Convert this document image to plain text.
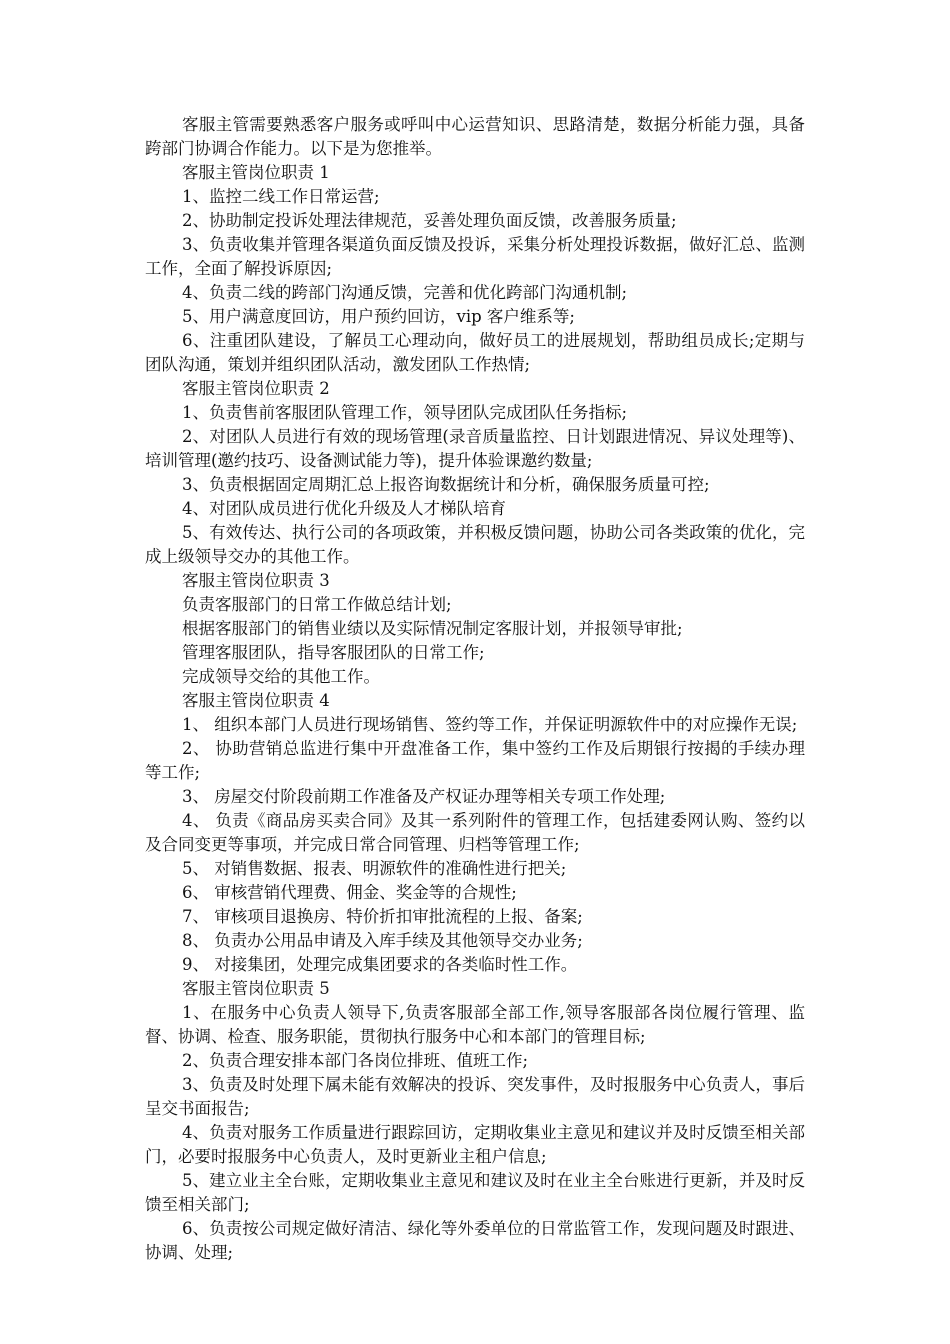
客服主管需要熟悉客户服务或呼叫中心运营知识、思路清楚，数据分析能力强，具备跨部门协调合作能力。以下是为您推举。

客服主管岗位职责 1

1、监控二线工作日常运营;

2、协助制定投诉处理法律规范，妥善处理负面反馈，改善服务质量;

3、负责收集并管理各渠道负面反馈及投诉，采集分析处理投诉数据，做好汇总、监测工作，全面了解投诉原因;

4、负责二线的跨部门沟通反馈，完善和优化跨部门沟通机制;

5、用户满意度回访，用户预约回访，vip 客户维系等;

6、注重团队建设，了解员工心理动向，做好员工的进展规划，帮助组员成长;定期与团队沟通，策划并组织团队活动，激发团队工作热情;

客服主管岗位职责 2

1、负责售前客服团队管理工作，领导团队完成团队任务指标;

2、对团队人员进行有效的现场管理(录音质量监控、日计划跟进情况、异议处理等)、培训管理(邀约技巧、设备测试能力等)，提升体验课邀约数量;

3、负责根据固定周期汇总上报咨询数据统计和分析，确保服务质量可控;

4、对团队成员进行优化升级及人才梯队培育

5、有效传达、执行公司的各项政策，并积极反馈问题，协助公司各类政策的优化，完成上级领导交办的其他工作。

客服主管岗位职责 3

负责客服部门的日常工作做总结计划;

根据客服部门的销售业绩以及实际情况制定客服计划，并报领导审批;

管理客服团队，指导客服团队的日常工作;

完成领导交给的其他工作。

客服主管岗位职责 4

1、 组织本部门人员进行现场销售、签约等工作，并保证明源软件中的对应操作无误;

2、 协助营销总监进行集中开盘准备工作，集中签约工作及后期银行按揭的手续办理等工作;

3、 房屋交付阶段前期工作准备及产权证办理等相关专项工作处理;

4、 负责《商品房买卖合同》及其一系列附件的管理工作，包括建委网认购、签约以及合同变更等事项，并完成日常合同管理、归档等管理工作;

5、 对销售数据、报表、明源软件的准确性进行把关;

6、 审核营销代理费、佣金、奖金等的合规性;

7、 审核项目退换房、特价折扣审批流程的上报、备案;

8、 负责办公用品申请及入库手续及其他领导交办业务;

9、 对接集团，处理完成集团要求的各类临时性工作。

客服主管岗位职责 5

1、在服务中心负责人领导下,负责客服部全部工作,领导客服部各岗位履行管理、监督、协调、检查、服务职能，贯彻执行服务中心和本部门的管理目标;

2、负责合理安排本部门各岗位排班、值班工作;

3、负责及时处理下属未能有效解决的投诉、突发事件，及时报服务中心负责人，事后呈交书面报告;

4、负责对服务工作质量进行跟踪回访，定期收集业主意见和建议并及时反馈至相关部门，必要时报服务中心负责人，及时更新业主租户信息;

5、建立业主全台账，定期收集业主意见和建议及时在业主全台账进行更新，并及时反馈至相关部门;

6、负责按公司规定做好清洁、绿化等外委单位的日常监管工作，发现问题及时跟进、协调、处理;
